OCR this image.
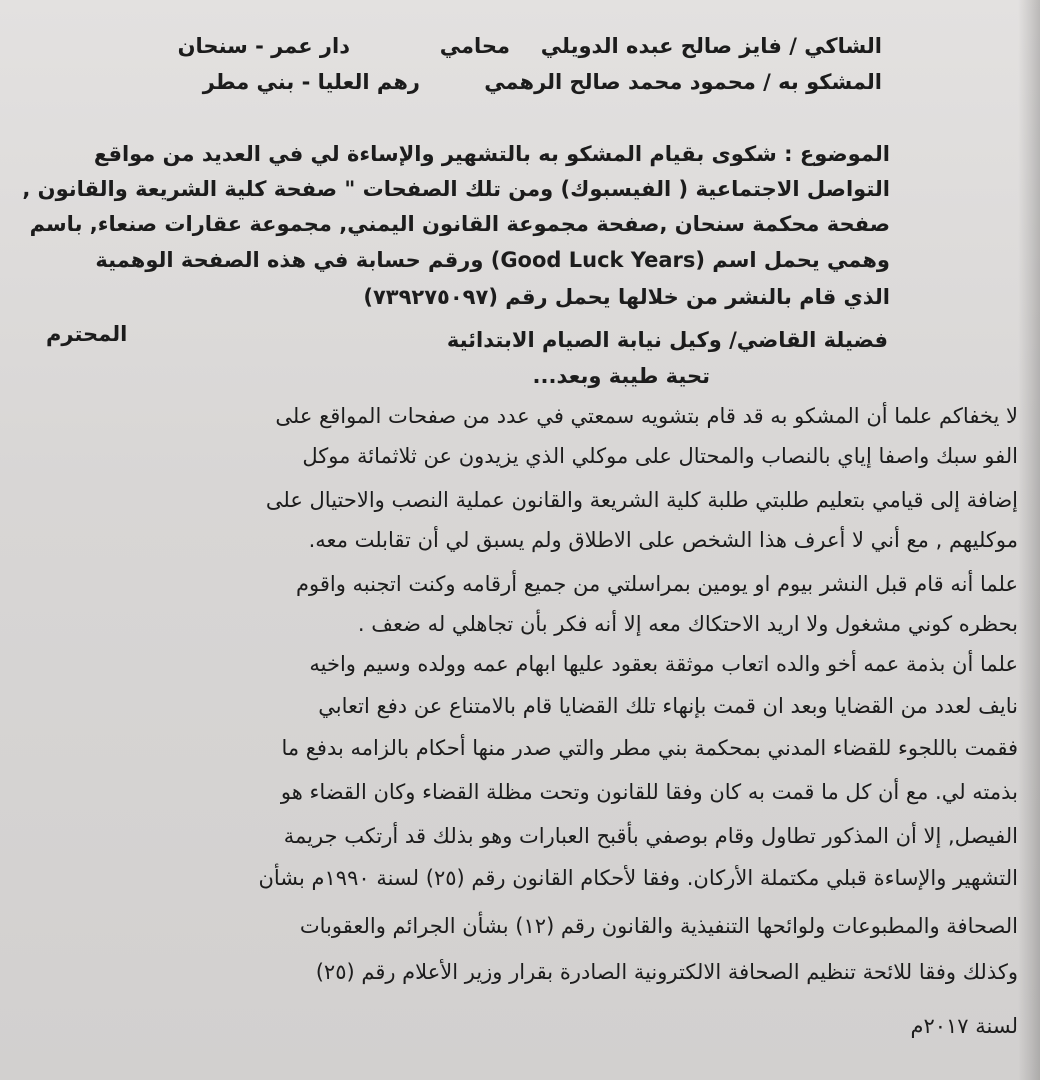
الشاكي / فايز صالح عبده الدويلي
محامي
دار عمر - سنحان
المشكو به / محمود محمد صالح الرهمي
رهم العليا - بني مطر
الموضوع : شكوى بقيام المشكو به بالتشهير والإساءة لي في العديد من مواقع
التواصل الاجتماعية ( الفيسبوك) ومن تلك الصفحات " صفحة كلية الشريعة والقانون ,
صفحة محكمة سنحان ,صفحة مجموعة القانون اليمني, مجموعة عقارات صنعاء, باسم
وهمي يحمل اسم (Good Luck Years) ورقم حسابة في هذه الصفحة الوهمية
الذي قام بالنشر من خلالها يحمل رقم (٧٣٩٢٧٥٠٩٧)
المحترم	فضيلة القاضي/ وكيل نيابة الصيام الابتدائية
تحية طيبة وبعد...
لا يخفاكم علما أن المشكو به قد قام بتشويه سمعتي في عدد من صفحات المواقع على
الفو سبك واصفا إياي بالنصاب والمحتال على موكلي الذي يزيدون عن ثلاثمائة موكل
إضافة إلى قيامي بتعليم طلبتي طلبة كلية الشريعة والقانون عملية النصب والاحتيال على
موكليهم , مع أني لا أعرف هذا الشخص على الاطلاق ولم يسبق لي أن تقابلت معه.
علما أنه قام قبل النشر بيوم او يومين بمراسلتي من جميع أرقامه وكنت اتجنبه واقوم
بحظره كوني مشغول ولا اريد الاحتكاك معه إلا أنه فكر بأن تجاهلي له ضعف .
علما أن بذمة عمه أخو والده اتعاب موثقة بعقود عليها ابهام عمه وولده وسيم واخيه
نايف لعدد من القضايا وبعد ان قمت بإنهاء تلك القضايا قام بالامتناع عن دفع اتعابي
فقمت باللجوء للقضاء المدني بمحكمة بني مطر والتي صدر منها أحكام بالزامه بدفع ما
بذمته لي. مع أن كل ما قمت به كان وفقا للقانون وتحت مظلة القضاء وكان القضاء هو
الفيصل, إلا أن المذكور تطاول وقام بوصفي بأقبح العبارات وهو بذلك قد أرتكب جريمة
التشهير والإساءة قبلي مكتملة الأركان. وفقا لأحكام القانون رقم (٢٥) لسنة ١٩٩٠م بشأن
الصحافة والمطبوعات ولوائحها التنفيذية والقانون رقم (١٢) بشأن الجرائم والعقوبات
وكذلك وفقا للائحة تنظيم الصحافة الالكترونية الصادرة بقرار وزير الأعلام رقم (٢٥)
لسنة ٢٠١٧م
